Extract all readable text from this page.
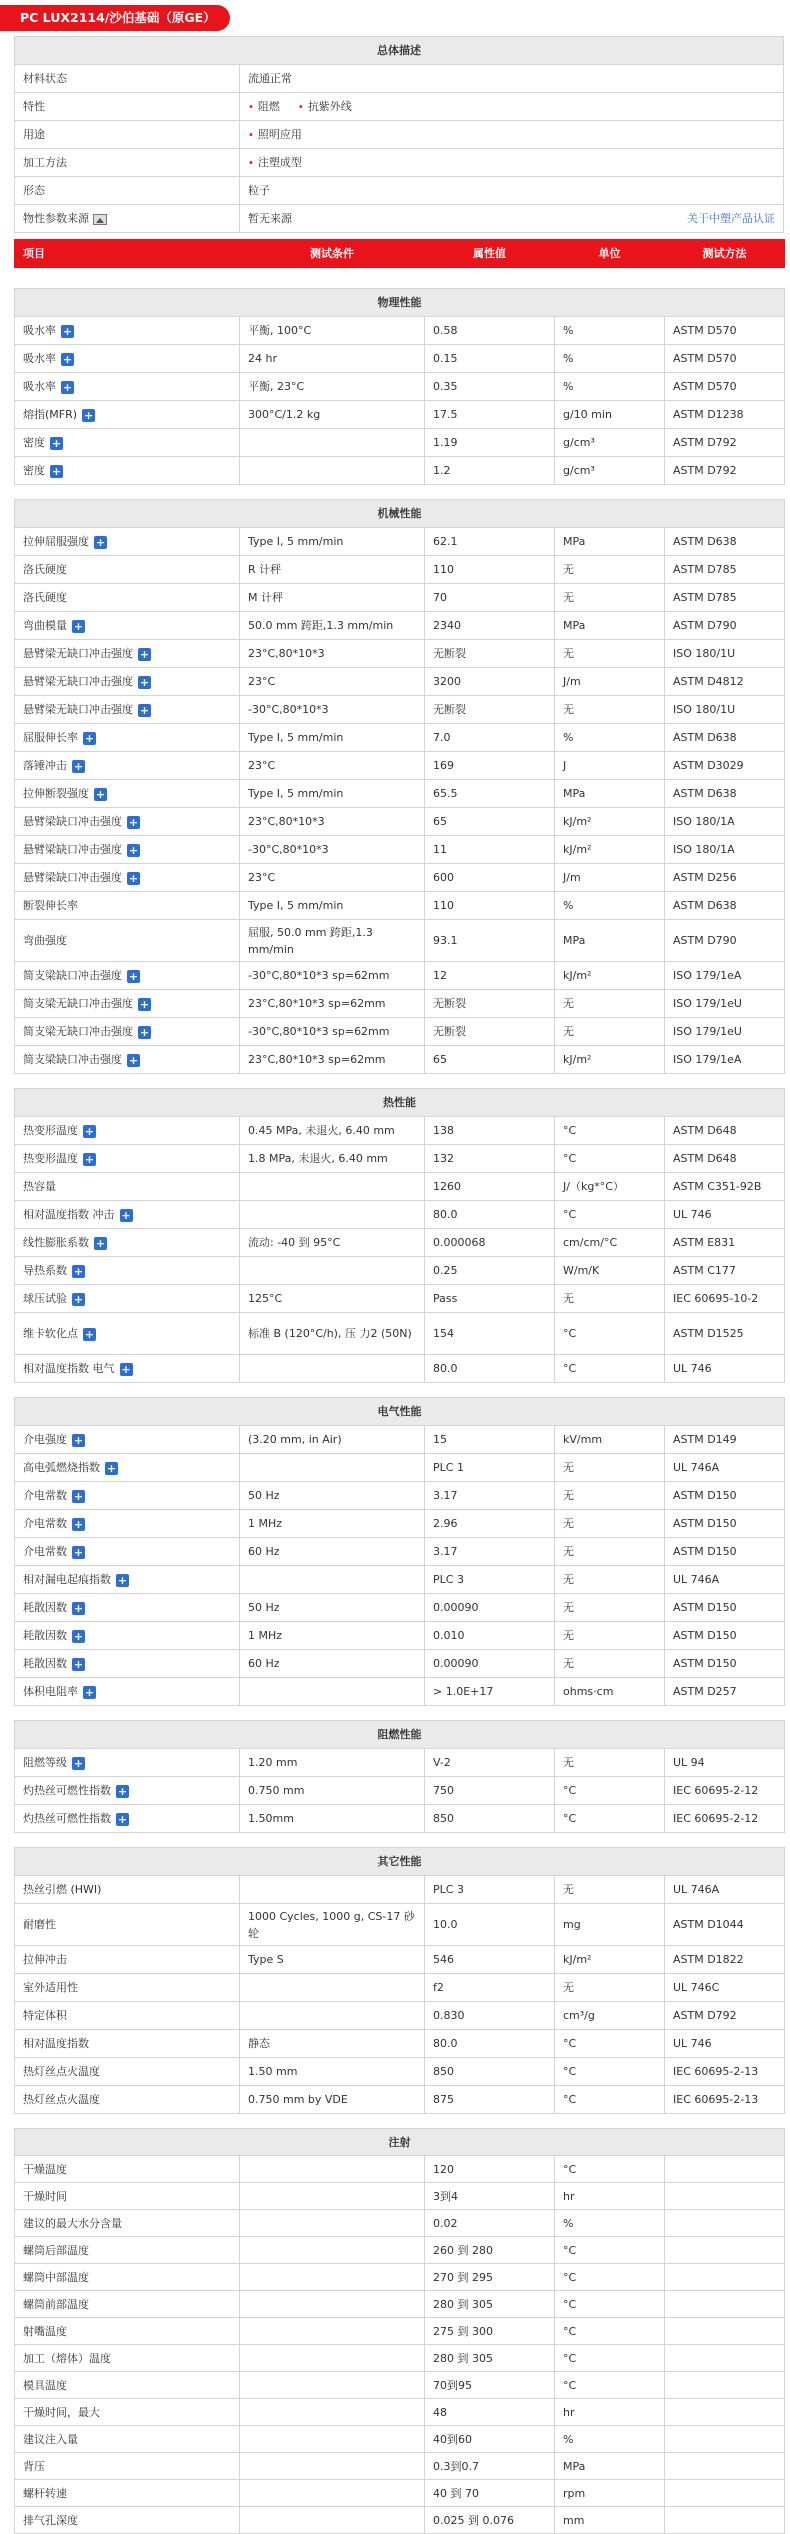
PC LUX2114/沙伯基础（原GE）
总体描述	
材料状态	流通正常
特性	• 阻燃 • 抗紫外线
用途	• 照明应用
加工方法	• 注塑成型
形态	粒子
物性参数来源	暂无来源 关于中塑产品认证
项目	测试条件	属性值	单位	测试方法
物理性能				
吸水率 +	平衡, 100°C	0.58	%	ASTM D570
吸水率 +	24 hr	0.15	%	ASTM D570
吸水率 +	平衡, 23°C	0.35	%	ASTM D570
熔指(MFR) +	300°C/1.2 kg	17.5	g/10 min	ASTM D1238
密度 +		1.19	g/cm³	ASTM D792
密度 +		1.2	g/cm³	ASTM D792
机械性能				
拉伸屈服强度 +	Type I, 5 mm/min	62.1	MPa	ASTM D638
洛氏硬度	R 计秤	110	无	ASTM D785
洛氏硬度	M 计秤	70	无	ASTM D785
弯曲模量 +	50.0 mm 跨距,1.3 mm/min	2340	MPa	ASTM D790
悬臂梁无缺口冲击强度 +	23°C,80*10*3	无断裂	无	ISO 180/1U
悬臂梁无缺口冲击强度 +	23°C	3200	J/m	ASTM D4812
悬臂梁无缺口冲击强度 +	-30°C,80*10*3	无断裂	无	ISO 180/1U
屈服伸长率 +	Type I, 5 mm/min	7.0	%	ASTM D638
落锤冲击 +	23°C	169	J	ASTM D3029
拉伸断裂强度 +	Type I, 5 mm/min	65.5	MPa	ASTM D638
悬臂梁缺口冲击强度 +	23°C,80*10*3	65	kJ/m²	ISO 180/1A
悬臂梁缺口冲击强度 +	-30°C,80*10*3	11	kJ/m²	ISO 180/1A
悬臂梁缺口冲击强度 +	23°C	600	J/m	ASTM D256
断裂伸长率	Type I, 5 mm/min	110	%	ASTM D638
弯曲强度	屈服, 50.0 mm 跨距,1.3 mm/min	93.1	MPa	ASTM D790
简支梁缺口冲击强度 +	-30°C,80*10*3 sp=62mm	12	kJ/m²	ISO 179/1eA
简支梁无缺口冲击强度 +	23°C,80*10*3 sp=62mm	无断裂	无	ISO 179/1eU
简支梁无缺口冲击强度 +	-30°C,80*10*3 sp=62mm	无断裂	无	ISO 179/1eU
简支梁缺口冲击强度 +	23°C,80*10*3 sp=62mm	65	kJ/m²	ISO 179/1eA
热性能				
热变形温度 +	0.45 MPa, 未退火, 6.40 mm	138	°C	ASTM D648
热变形温度 +	1.8 MPa, 未退火, 6.40 mm	132	°C	ASTM D648
热容量		1260	J/（kg*°C）	ASTM C351-92B
相对温度指数 冲击 +		80.0	°C	UL 746
线性膨胀系数 +	流动: -40 到 95°C	0.000068	cm/cm/°C	ASTM E831
导热系数 +		0.25	W/m/K	ASTM C177
球压试验 +	125°C	Pass	无	IEC 60695-10-2
维卡软化点 +	标准 B (120°C/h), 压 力2 (50N)	154	°C	ASTM D1525
相对温度指数 电气 +		80.0	°C	UL 746
电气性能				
介电强度 +	(3.20 mm, in Air)	15	kV/mm	ASTM D149
高电弧燃烧指数 +		PLC 1	无	UL 746A
介电常数 +	50 Hz	3.17	无	ASTM D150
介电常数 +	1 MHz	2.96	无	ASTM D150
介电常数 +	60 Hz	3.17	无	ASTM D150
相对漏电起痕指数 +		PLC 3	无	UL 746A
耗散因数 +	50 Hz	0.00090	无	ASTM D150
耗散因数 +	1 MHz	0.010	无	ASTM D150
耗散因数 +	60 Hz	0.00090	无	ASTM D150
体积电阻率 +		> 1.0E+17	ohms·cm	ASTM D257
阻燃性能				
阻燃等级 +	1.20 mm	V-2	无	UL 94
灼热丝可燃性指数 +	0.750 mm	750	°C	IEC 60695-2-12
灼热丝可燃性指数 +	1.50mm	850	°C	IEC 60695-2-12
其它性能				
热丝引燃 (HWI)		PLC 3	无	UL 746A
耐磨性	1000 Cycles, 1000 g, CS-17 砂轮	10.0	mg	ASTM D1044
拉伸冲击	Type S	546	kJ/m²	ASTM D1822
室外适用性		f2	无	UL 746C
特定体积		0.830	cm³/g	ASTM D792
相对温度指数	静态	80.0	°C	UL 746
热灯丝点火温度	1.50 mm	850	°C	IEC 60695-2-13
热灯丝点火温度	0.750 mm by VDE	875	°C	IEC 60695-2-13
注射				
干燥温度		120	°C	
干燥时间		3到4	hr	
建议的最大水分含量		0.02	%	
螺筒后部温度		260 到 280	°C	
螺筒中部温度		270 到 295	°C	
螺筒前部温度		280 到 305	°C	
射嘴温度		275 到 300	°C	
加工（熔体）温度		280 到 305	°C	
模具温度		70到95	°C	
干燥时间，最大		48	hr	
建议注入量		40到60	%	
背压		0.3到0.7	MPa	
螺杆转速		40 到 70	rpm	
排气孔深度		0.025 到 0.076	mm	
